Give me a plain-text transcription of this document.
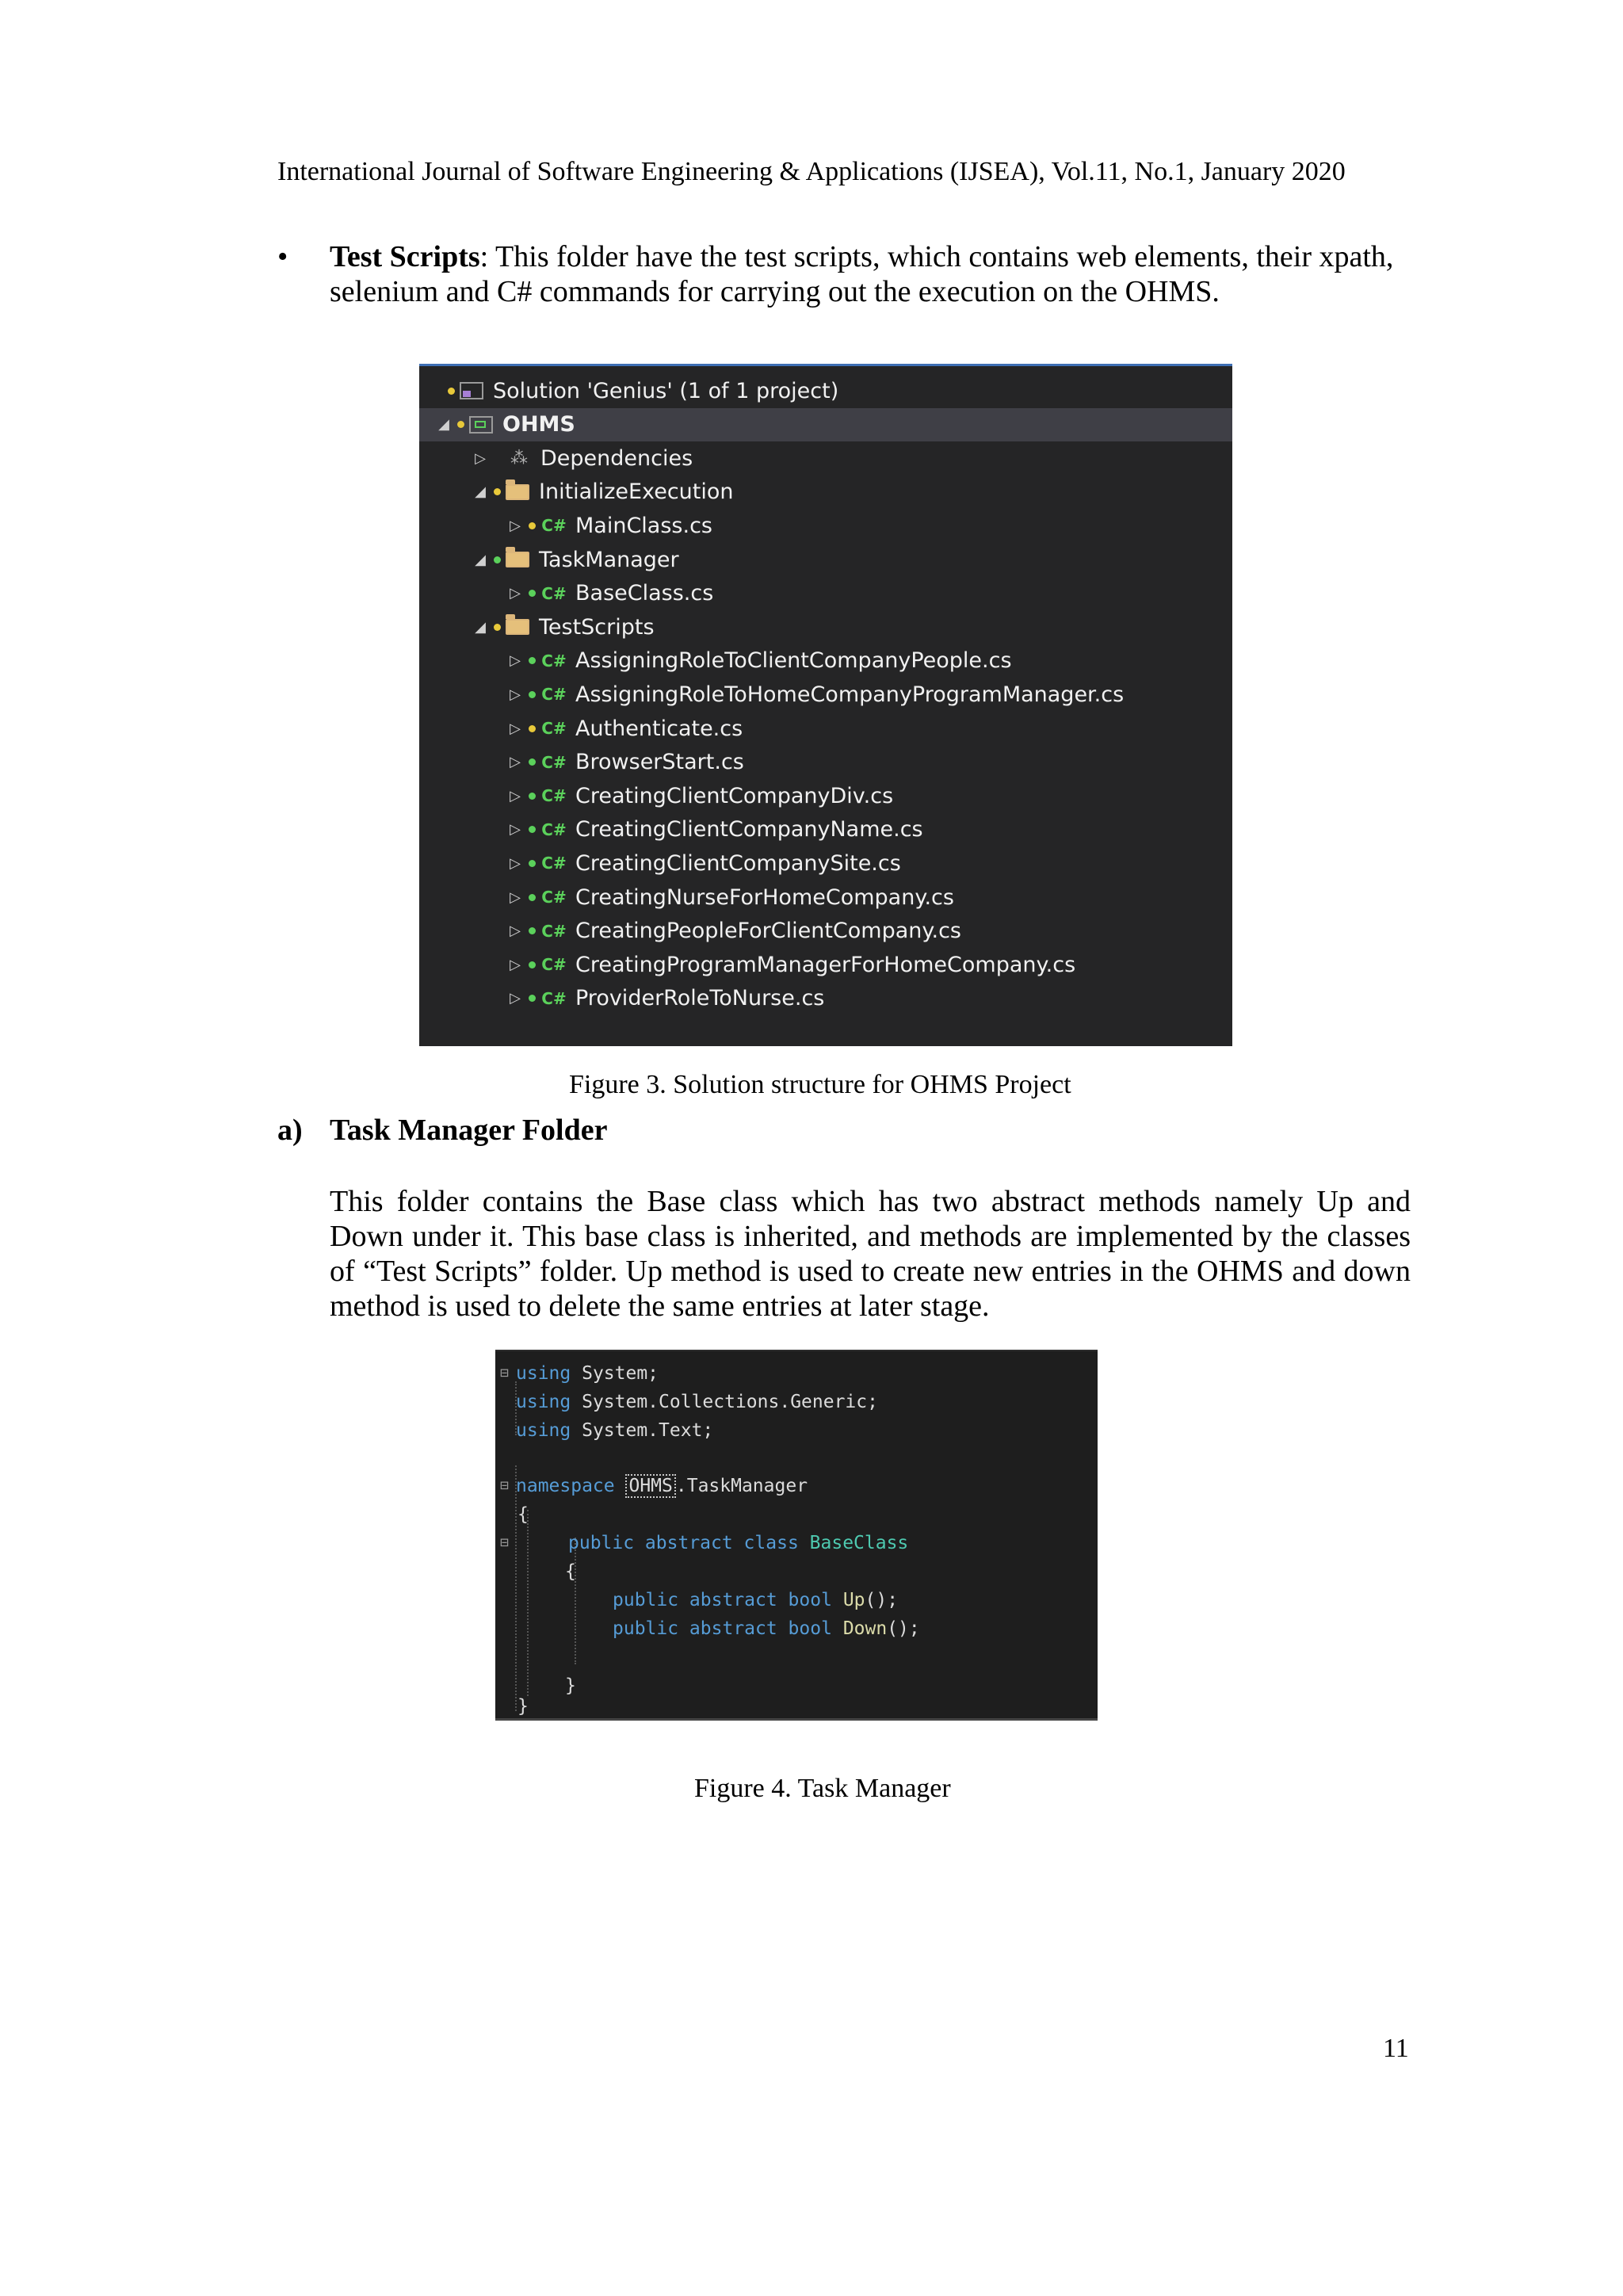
International Journal of Software Engineering & Applications (IJSEA), Vol.11, No.1, January 2020
•	Test Scripts: This folder have the test scripts, which contains web elements, their xpath, selenium and C# commands for carrying out the execution on the OHMS.
Solution 'Genius' (1 of 1 project)
◢ OHMS
▷ ⁂ Dependencies
◢ InitializeExecution
▷ C# MainClass.cs
◢ TaskManager
▷ C# BaseClass.cs
◢ TestScripts
▷ C# AssigningRoleToClientCompanyPeople.cs
▷ C# AssigningRoleToHomeCompanyProgramManager.cs
▷ C# Authenticate.cs
▷ C# BrowserStart.cs
▷ C# CreatingClientCompanyDiv.cs
▷ C# CreatingClientCompanyName.cs
▷ C# CreatingClientCompanySite.cs
▷ C# CreatingNurseForHomeCompany.cs
▷ C# CreatingPeopleForClientCompany.cs
▷ C# CreatingProgramManagerForHomeCompany.cs
▷ C# ProviderRoleToNurse.cs
Figure 3. Solution structure for OHMS Project
a) Task Manager Folder
This folder contains the Base class which has two abstract methods namely Up and Down under it. This base class is inherited, and methods are implemented by the classes of “Test Scripts” folder. Up method is used to create new entries in the OHMS and down method is used to delete the same entries at later stage.
⊟ using System;
using System.Collections.Generic;
using System.Text;
⊟ namespace
OHMS .TaskManager
{
⊟	public abstract class
BaseClass
{
public abstract bool
Up ();
public abstract bool
Down ();
}
}
Figure 4. Task Manager
11
